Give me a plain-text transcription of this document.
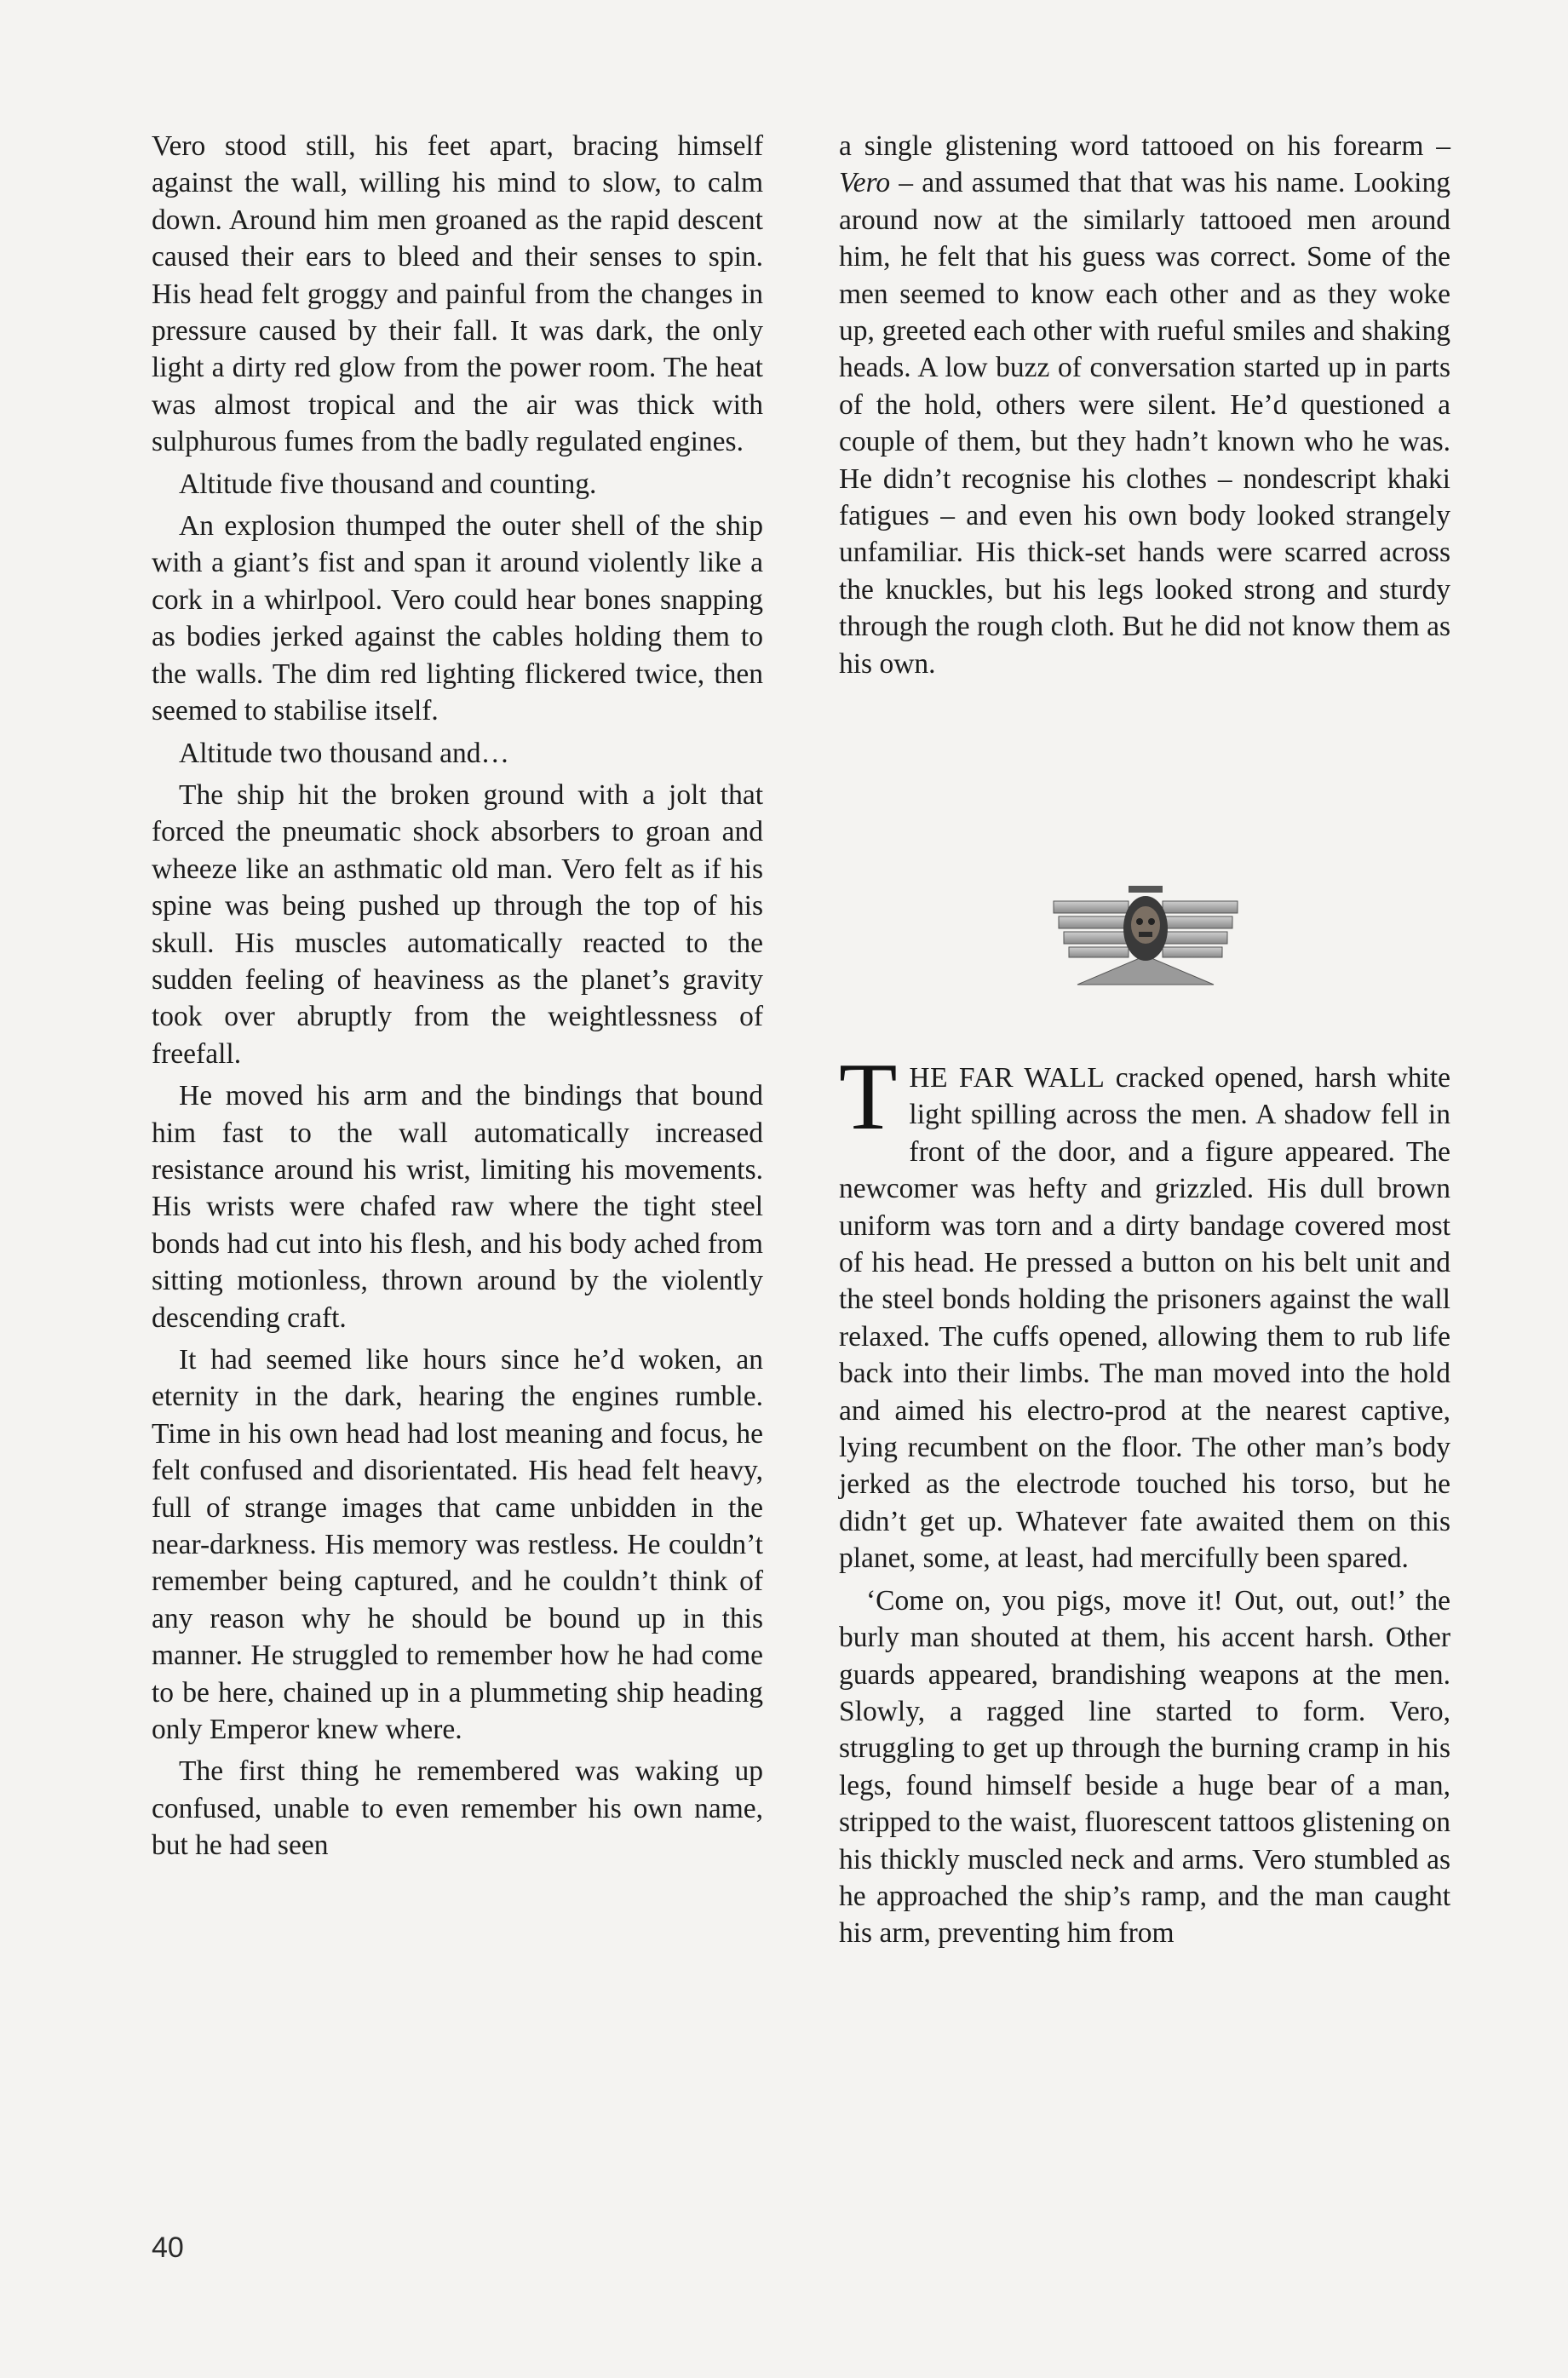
Vero stood still, his feet apart, bracing himself against the wall, willing his mind to slow, to calm down. Around him men groaned as the rapid descent caused their ears to bleed and their senses to spin. His head felt groggy and painful from the changes in pressure caused by their fall. It was dark, the only light a dirty red glow from the power room. The heat was almost tropical and the air was thick with sulphurous fumes from the badly regulated engines.

Altitude five thousand and counting.

An explosion thumped the outer shell of the ship with a giant’s fist and span it around violently like a cork in a whirlpool. Vero could hear bones snapping as bodies jerked against the cables holding them to the walls. The dim red lighting flickered twice, then seemed to stabilise itself.

Altitude two thousand and…

The ship hit the broken ground with a jolt that forced the pneumatic shock absorbers to groan and wheeze like an asthmatic old man. Vero felt as if his spine was being pushed up through the top of his skull. His muscles automatically reacted to the sudden feeling of heaviness as the planet’s gravity took over abruptly from the weightlessness of freefall.

He moved his arm and the bindings that bound him fast to the wall automatically increased resistance around his wrist, limiting his movements. His wrists were chafed raw where the tight steel bonds had cut into his flesh, and his body ached from sitting motionless, thrown around by the violently descending craft.

It had seemed like hours since he’d woken, an eternity in the dark, hearing the engines rumble. Time in his own head had lost meaning and focus, he felt confused and disorientated. His head felt heavy, full of strange images that came unbidden in the near-darkness. His memory was restless. He couldn’t remember being captured, and he couldn’t think of any reason why he should be bound up in this manner. He struggled to remember how he had come to be here, chained up in a plummeting ship heading only Emperor knew where.

The first thing he remembered was waking up confused, unable to even remember his own name, but he had seen

a single glistening word tattooed on his forearm – Vero – and assumed that that was his name. Looking around now at the similarly tattooed men around him, he felt that his guess was correct. Some of the men seemed to know each other and as they woke up, greeted each other with rueful smiles and shaking heads. A low buzz of conversation started up in parts of the hold, others were silent. He’d questioned a couple of them, but they hadn’t known who he was. He didn’t recognise his clothes – nondescript khaki fatigues – and even his own body looked strangely unfamiliar. His thick-set hands were scarred across the knuckles, but his legs looked strong and sturdy through the rough cloth. But he did not know them as his own.

THE FAR WALL cracked opened, harsh white light spilling across the men. A shadow fell in front of the door, and a figure appeared. The newcomer was hefty and grizzled. His dull brown uniform was torn and a dirty bandage covered most of his head. He pressed a button on his belt unit and the steel bonds holding the prisoners against the wall relaxed. The cuffs opened, allowing them to rub life back into their limbs. The man moved into the hold and aimed his electro-prod at the nearest captive, lying recumbent on the floor. The other man’s body jerked as the electrode touched his torso, but he didn’t get up. Whatever fate awaited them on this planet, some, at least, had mercifully been spared.

‘Come on, you pigs, move it! Out, out, out!’ the burly man shouted at them, his accent harsh. Other guards appeared, brandishing weapons at the men. Slowly, a ragged line started to form. Vero, struggling to get up through the burning cramp in his legs, found himself beside a huge bear of a man, stripped to the waist, fluorescent tattoos glistening on his thickly muscled neck and arms. Vero stumbled as he approached the ship’s ramp, and the man caught his arm, preventing him from

40
